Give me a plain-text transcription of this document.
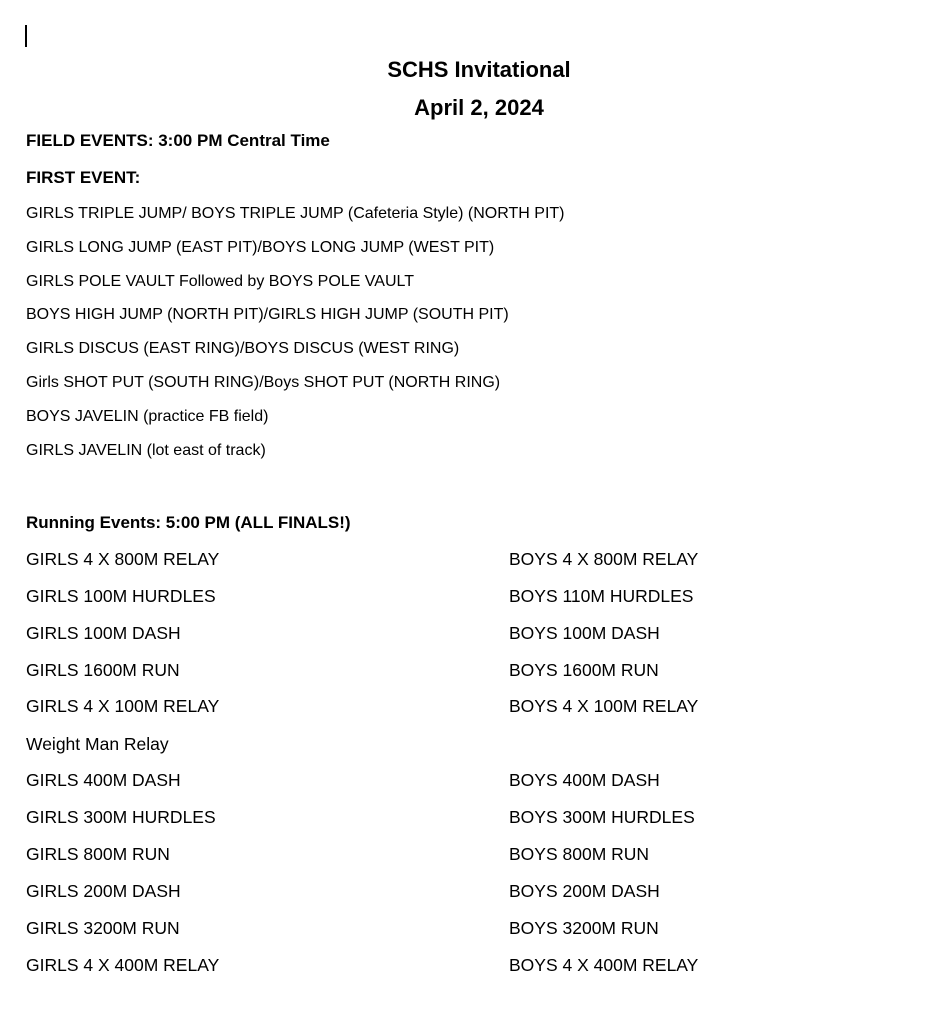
SCHS Invitational
April 2, 2024
FIELD EVENTS: 3:00 PM Central Time
FIRST EVENT:
GIRLS TRIPLE JUMP/ BOYS TRIPLE JUMP (Cafeteria Style) (NORTH PIT)
GIRLS LONG JUMP (EAST PIT)/BOYS LONG JUMP (WEST PIT)
GIRLS POLE VAULT Followed by BOYS POLE VAULT
BOYS HIGH JUMP (NORTH PIT)/GIRLS HIGH JUMP (SOUTH PIT)
GIRLS DISCUS (EAST RING)/BOYS DISCUS (WEST RING)
Girls SHOT PUT (SOUTH RING)/Boys SHOT PUT (NORTH RING)
BOYS JAVELIN (practice FB field)
GIRLS JAVELIN (lot east of track)
Running Events: 5:00 PM (ALL FINALS!)
GIRLS 4 X 800M RELAY	BOYS 4 X 800M RELAY
GIRLS 100M HURDLES	BOYS 110M HURDLES
GIRLS 100M DASH	BOYS 100M DASH
GIRLS 1600M RUN	BOYS 1600M RUN
GIRLS 4 X 100M RELAY	BOYS 4 X 100M RELAY
Weight Man Relay
GIRLS 400M DASH	BOYS 400M DASH
GIRLS 300M HURDLES	BOYS 300M HURDLES
GIRLS 800M RUN	BOYS 800M RUN
GIRLS 200M DASH	BOYS 200M DASH
GIRLS 3200M RUN	BOYS 3200M RUN
GIRLS 4 X 400M RELAY	BOYS 4 X 400M RELAY
